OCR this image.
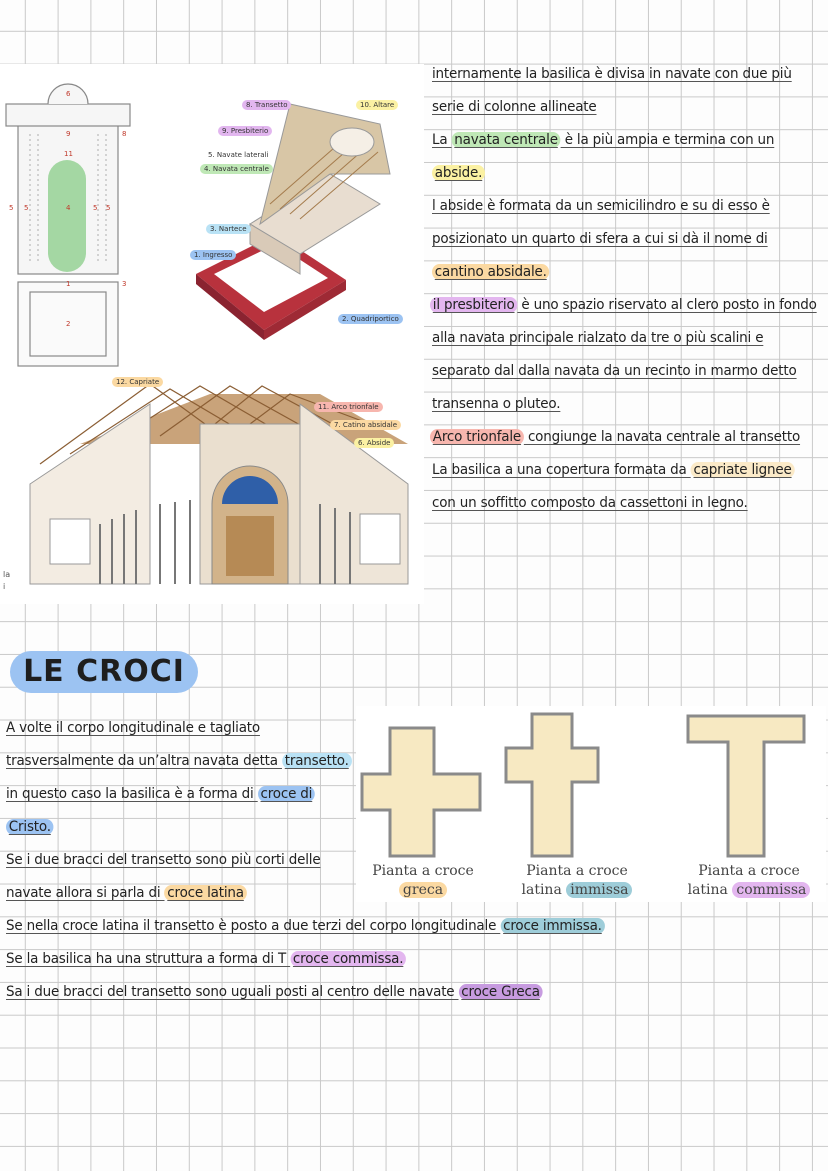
6
9	8
11
5 5	4	5 5
1	3
2
8. Transetto	10. Altare
9. Presbiterio
5. Navate laterali
4. Navata centrale
3. Nartece
1. Ingresso
2. Quadriportico
12. Capriate
11. Arco trionfale
7. Catino absidale
6. Abside
la
i
internamente la basilica è divisa in navate con due più
serie di colonne allineate
La navata centrale è la più ampia e termina con un
abside.
l abside è formata da un semicilindro e su di esso è
posizionato un quarto di sfera a cui si dà il nome di
cantino absidale.
il presbiterio è uno spazio riservato al clero posto in fondo
alla navata principale rialzato da tre o più scalini e
separato dal dalla navata da un recinto in marmo detto
transenna o pluteo.
Arco trionfale congiunge la navata centrale al transetto
La basilica a una copertura formata da capriate lignee
con un soffitto composto da cassettoni in legno.
LE CROCI
A volte il corpo longitudinale e tagliato
trasversalmente da un’altra navata detta transetto.
in questo caso la basilica è a forma di croce di
Cristo.
Se i due bracci del transetto sono più corti delle
navate allora si parla di croce latina
Pianta a croce
greca
Pianta a croce
latina immissa
Pianta a croce
latina commissa
Se nella croce latina il transetto è posto a due terzi del corpo longitudinale croce immissa.
Se la basilica ha una struttura a forma di T croce commissa.
Sa i due bracci del transetto sono uguali posti al centro delle navate croce Greca
